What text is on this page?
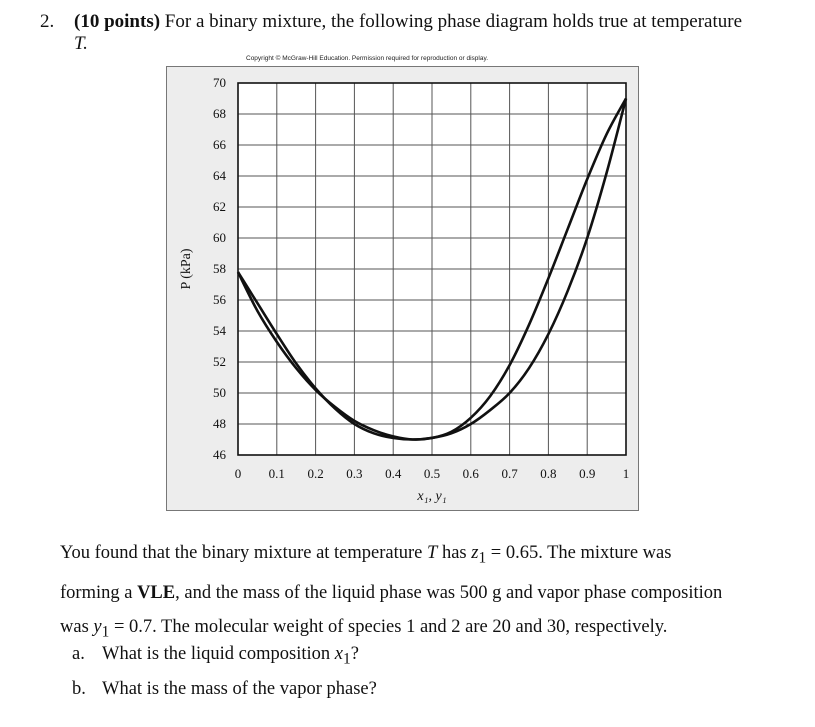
2. (10 points) For a binary mixture, the following phase diagram holds true at temperature
T.
Copyright © McGraw-Hill Education. Permission required for reproduction or display.
0 0.1 0.2 0.3 0.4 0.5 0.6 0.7 0.8 0.9 1
46
48
50
52
54
56
58
60
62
64
66
68
70
P (kPa)
x₁, y₁
You found that the binary mixture at temperature T has $z_1 = 0.65$. The mixture was
forming a VLE, and the mass of the liquid phase was 500 g and vapor phase composition
was $y_1 = 0.7$. The molecular weight of species 1 and 2 are 20 and 30, respectively.
a. What is the liquid composition $x_1$?
b. What is the mass of the vapor phase?
